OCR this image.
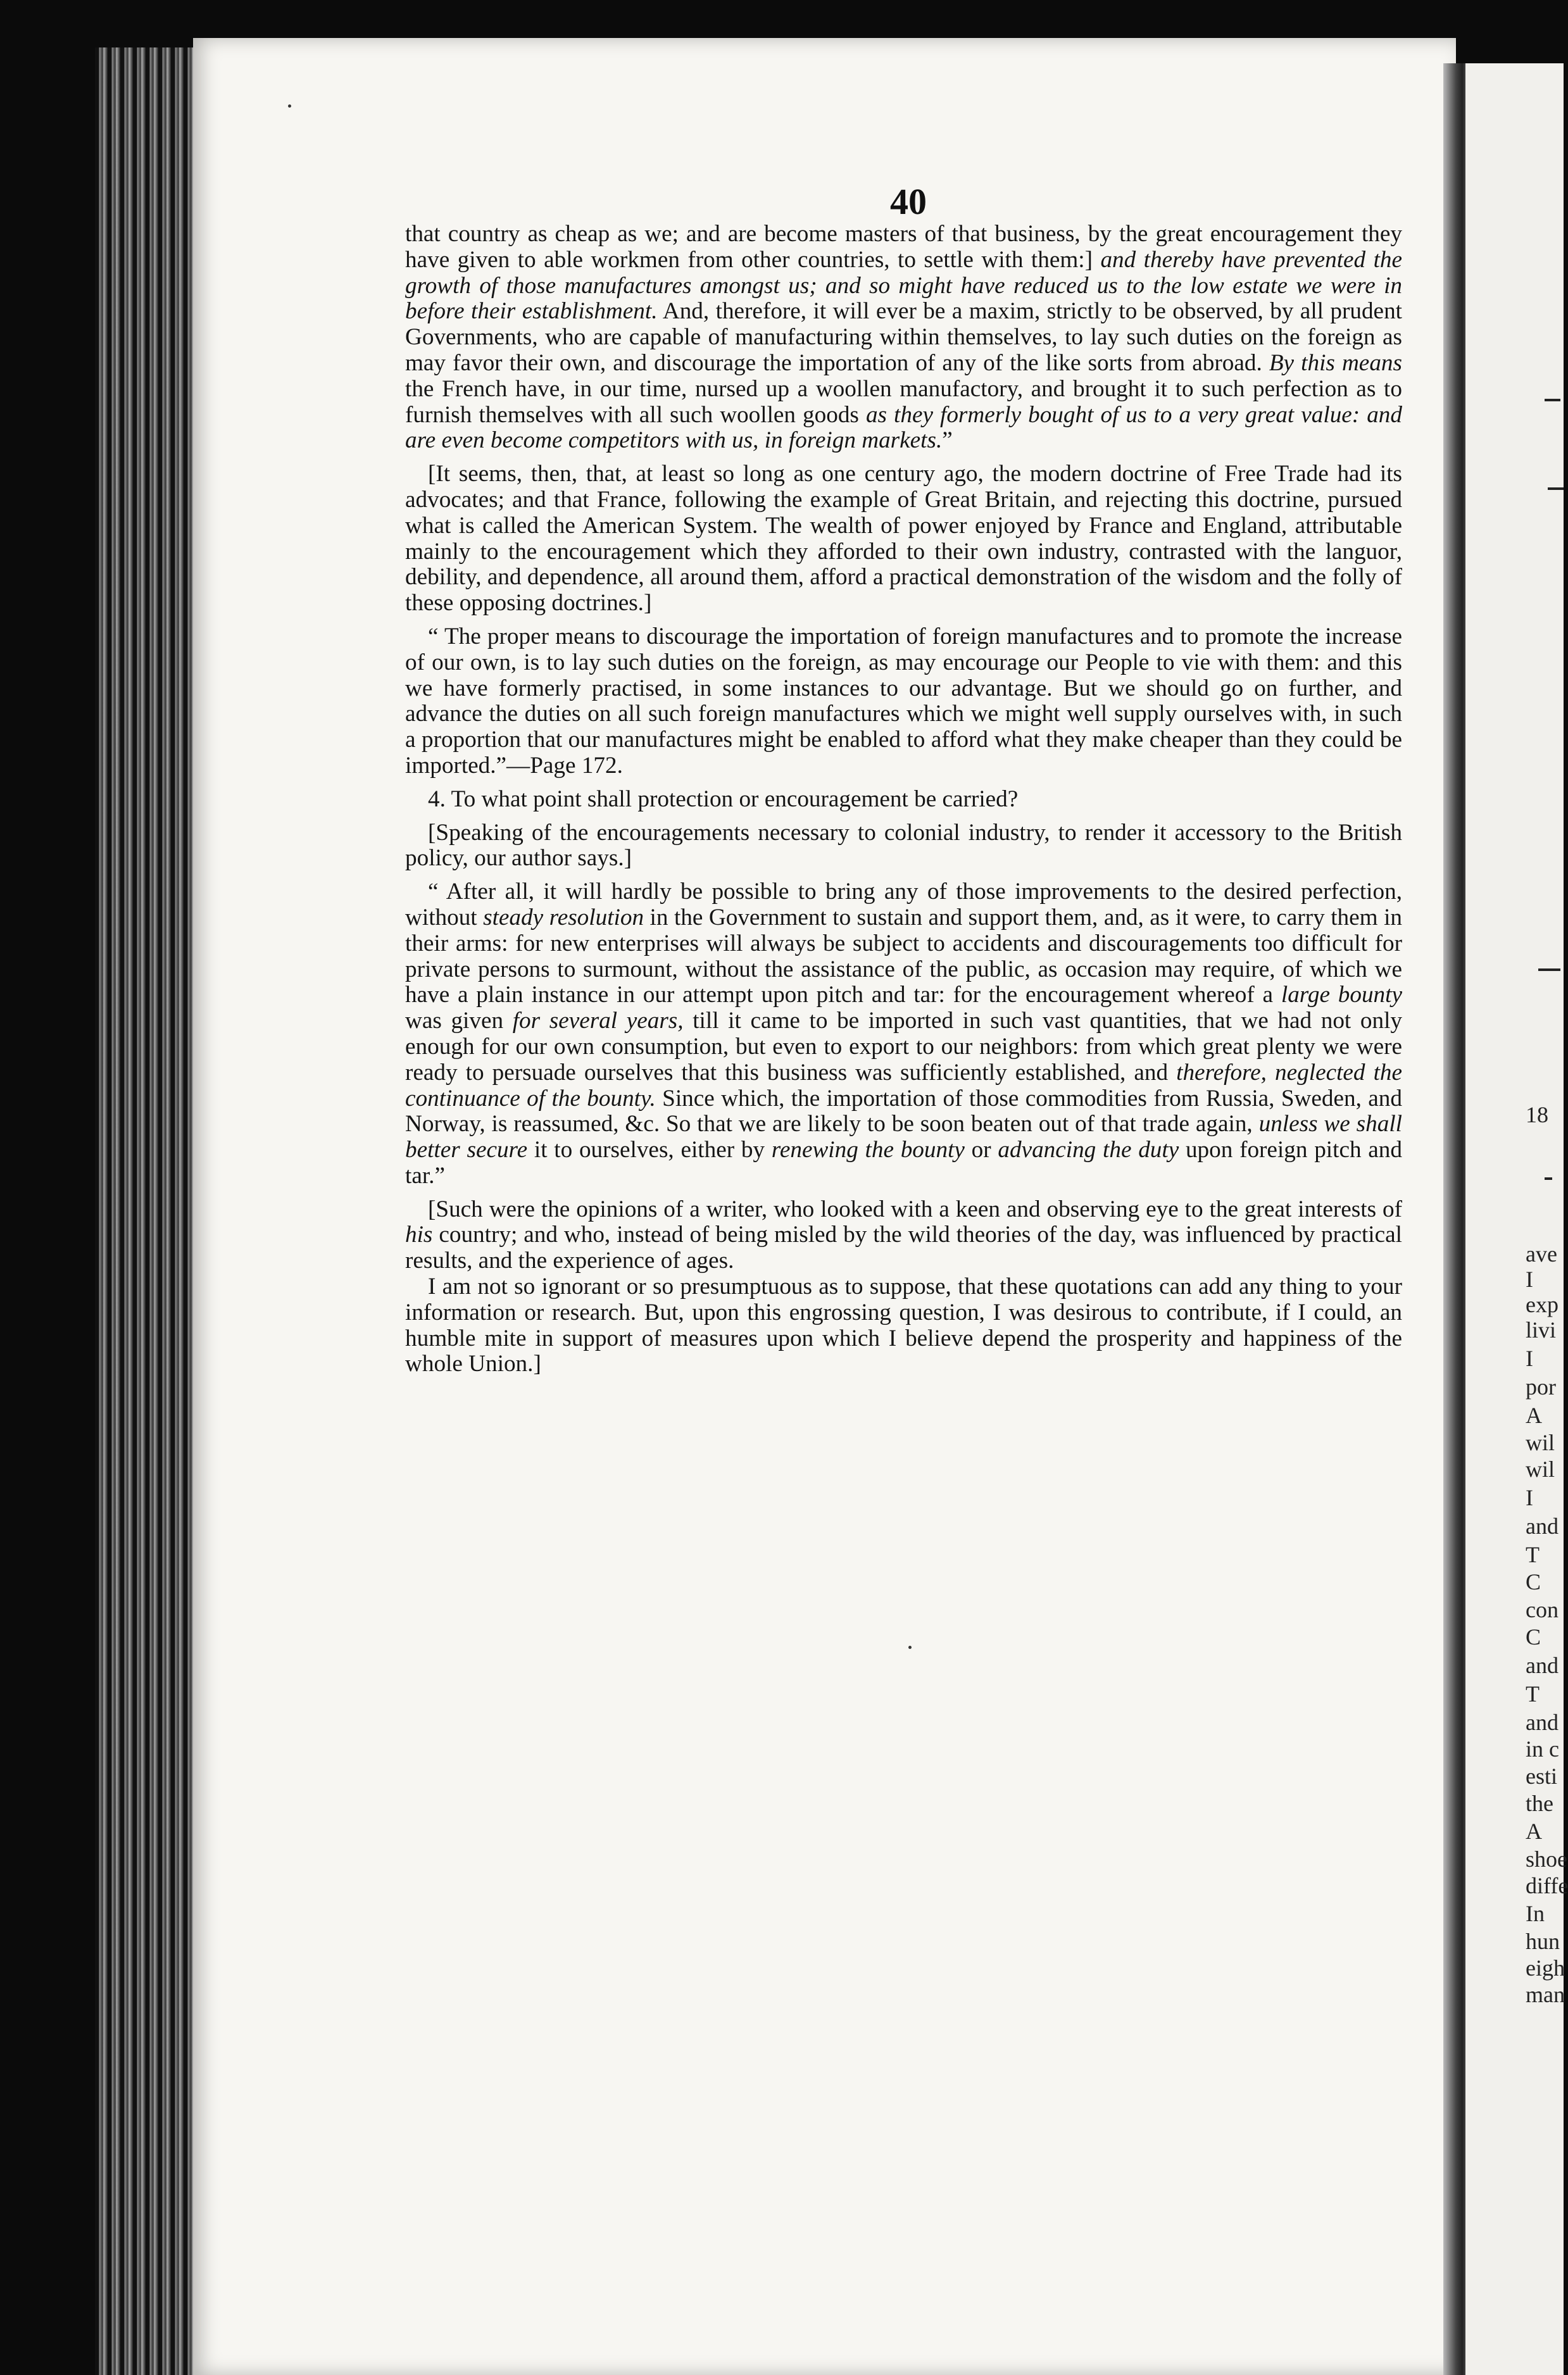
40

that country as cheap as we; and are become masters of that business, by the great encouragement they have given to able workmen from other countries, to settle with them:] and thereby have prevented the growth of those manufactures amongst us; and so might have reduced us to the low estate we were in before their establishment. And, therefore, it will ever be a maxim, strictly to be observed, by all prudent Governments, who are capable of manufacturing within themselves, to lay such duties on the foreign as may favor their own, and discourage the importation of any of the like sorts from abroad. By this means the French have, in our time, nursed up a woollen manufactory, and brought it to such perfection as to furnish themselves with all such woollen goods as they formerly bought of us to a very great value: and are even become competitors with us, in foreign markets.”

[It seems, then, that, at least so long as one century ago, the modern doctrine of Free Trade had its advocates; and that France, following the example of Great Britain, and rejecting this doctrine, pursued what is called the American System. The wealth of power enjoyed by France and England, attributable mainly to the encouragement which they afforded to their own industry, contrasted with the languor, debility, and dependence, all around them, afford a practical demonstration of the wisdom and the folly of these opposing doctrines.]

“ The proper means to discourage the importation of foreign manufactures and to promote the increase of our own, is to lay such duties on the foreign, as may encourage our People to vie with them: and this we have formerly practised, in some instances to our advantage. But we should go on further, and advance the duties on all such foreign manufactures which we might well supply ourselves with, in such a proportion that our manufactures might be enabled to afford what they make cheaper than they could be imported.”—Page 172.

4. To what point shall protection or encouragement be carried?

[Speaking of the encouragements necessary to colonial industry, to render it accessory to the British policy, our author says.]

“ After all, it will hardly be possible to bring any of those improvements to the desired perfection, without steady resolution in the Government to sustain and support them, and, as it were, to carry them in their arms: for new enterprises will always be subject to accidents and discouragements too difficult for private persons to surmount, without the assistance of the public, as occasion may require, of which we have a plain instance in our attempt upon pitch and tar: for the encouragement whereof a large bounty was given for several years, till it came to be imported in such vast quantities, that we had not only enough for our own consumption, but even to export to our neighbors: from which great plenty we were ready to persuade ourselves that this business was sufficiently established, and therefore, neglected the continuance of the bounty. Since which, the importation of those commodities from Russia, Sweden, and Norway, is reassumed, &c. So that we are likely to be soon beaten out of that trade again, unless we shall better secure it to ourselves, either by renewing the bounty or advancing the duty upon foreign pitch and tar.”

[Such were the opinions of a writer, who looked with a keen and observing eye to the great interests of his country; and who, instead of being misled by the wild theories of the day, was influenced by practical results, and the experience of ages.

I am not so ignorant or so presumptuous as to suppose, that these quotations can add any thing to your information or research. But, upon this engrossing question, I was desirous to contribute, if I could, an humble mite in support of measures upon which I believe depend the prosperity and happiness of the whole Union.]

18
ave
I
exp
livi
I
por
A
wil
wil
I
and
T
C
con
C
and
T
and
in c
esti
the
A
shoe
diffe
In
hun
eigh
man
